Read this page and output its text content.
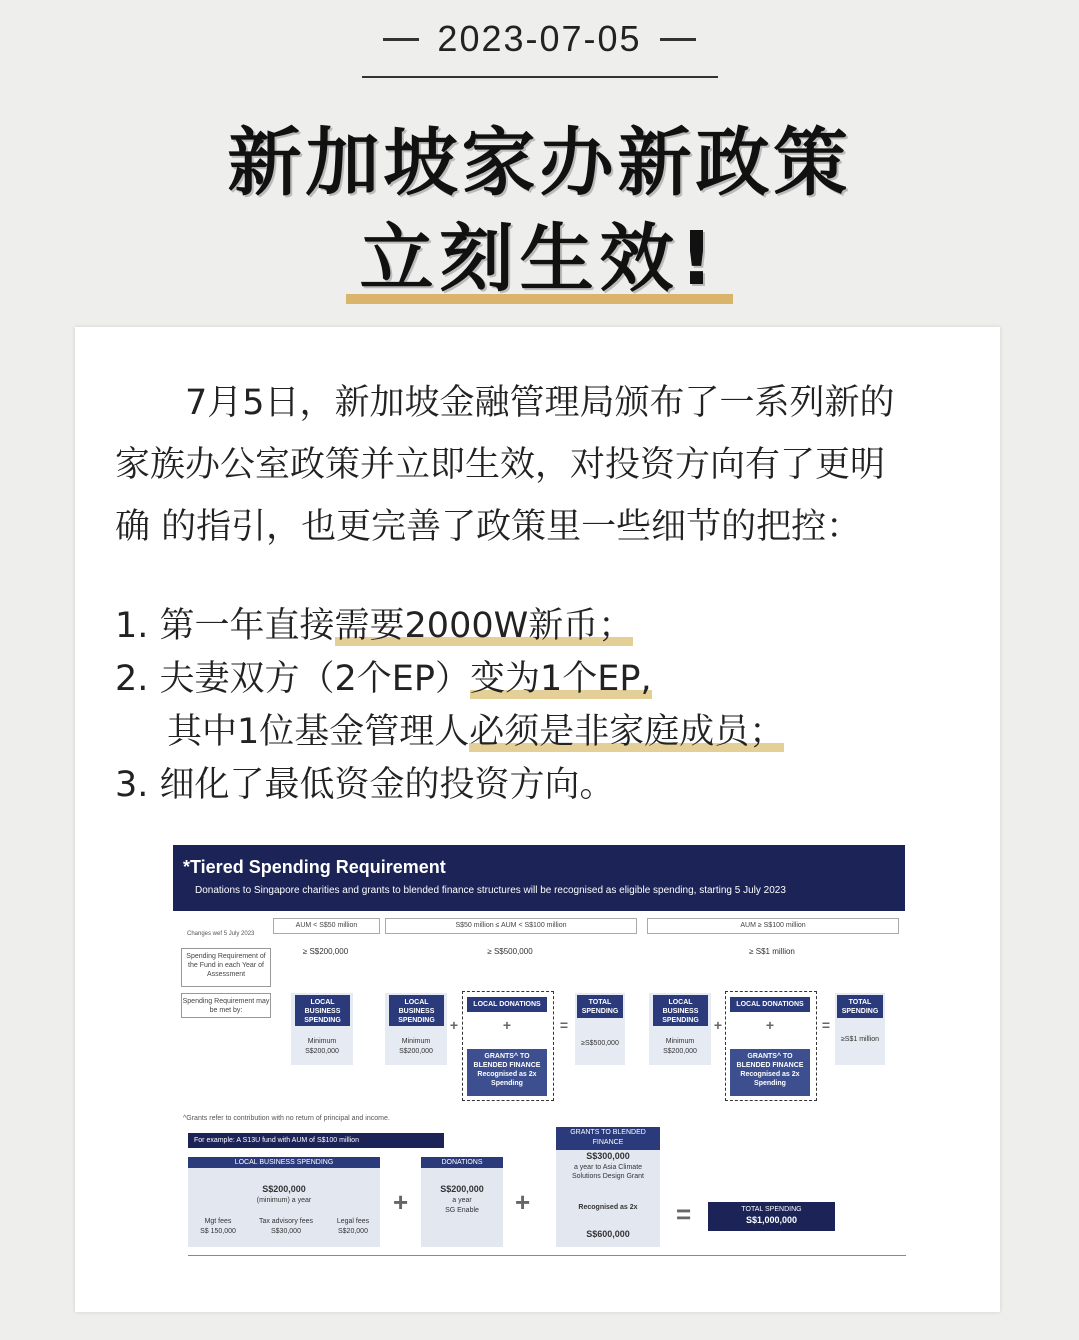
2023-07-05
新加坡家办新政策
立刻生效!

7月5日，新加坡金融管理局颁布了一系列新的

家族办公室政策并立即生效，对投资方向有了更明

确 的指引，也更完善了政策里一些细节的把控：

1. 第一年直接需要2000W新币；
2. 夫妻双方（2个EP）变为1个EP,
其中1位基金管理人必须是非家庭成员；
3. 细化了最低资金的投资方向。
*Tiered Spending Requirement
Donations to Singapore charities and grants to blended finance structures will be recognised as eligible spending, starting 5 July 2023
Changes wef 5 July 2023
AUM < S$50 million	S$50 million ≤ AUM < S$100 million	AUM ≥ S$100 million
Spending Requirement of the Fund in each Year of Assessment
≥ S$200,000	≥ S$500,000	≥ S$1 million
Spending Requirement may be met by:
LOCAL BUSINESS SPENDING
Minimum
S$200,000
LOCAL BUSINESS SPENDING
Minimum
S$200,000
+
LOCAL DONATIONS
+
GRANTS^ TO BLENDED FINANCE
Recognised as 2x Spending
=
TOTAL SPENDING
≥S$500,000
LOCAL BUSINESS SPENDING
Minimum
S$200,000
+
LOCAL DONATIONS
+
GRANTS^ TO BLENDED FINANCE
Recognised as 2x Spending
=
TOTAL SPENDING
≥S$1 million
^Grants refer to contribution with no return of principal and income.
For example: A S13U fund with AUM of S$100 million
LOCAL BUSINESS SPENDING
S$200,000
(minimum) a year
Mgt fees
S$ 150,000
Tax advisory fees
S$30,000
Legal fees
S$20,000
+
DONATIONS
S$200,000
a year
SG Enable	+
GRANTS TO BLENDED FINANCE
S$300,000
a year to Asia Climate Solutions Design Grant
Recognised as 2x
S$600,000
=	TOTAL SPENDING
S$1,000,000
